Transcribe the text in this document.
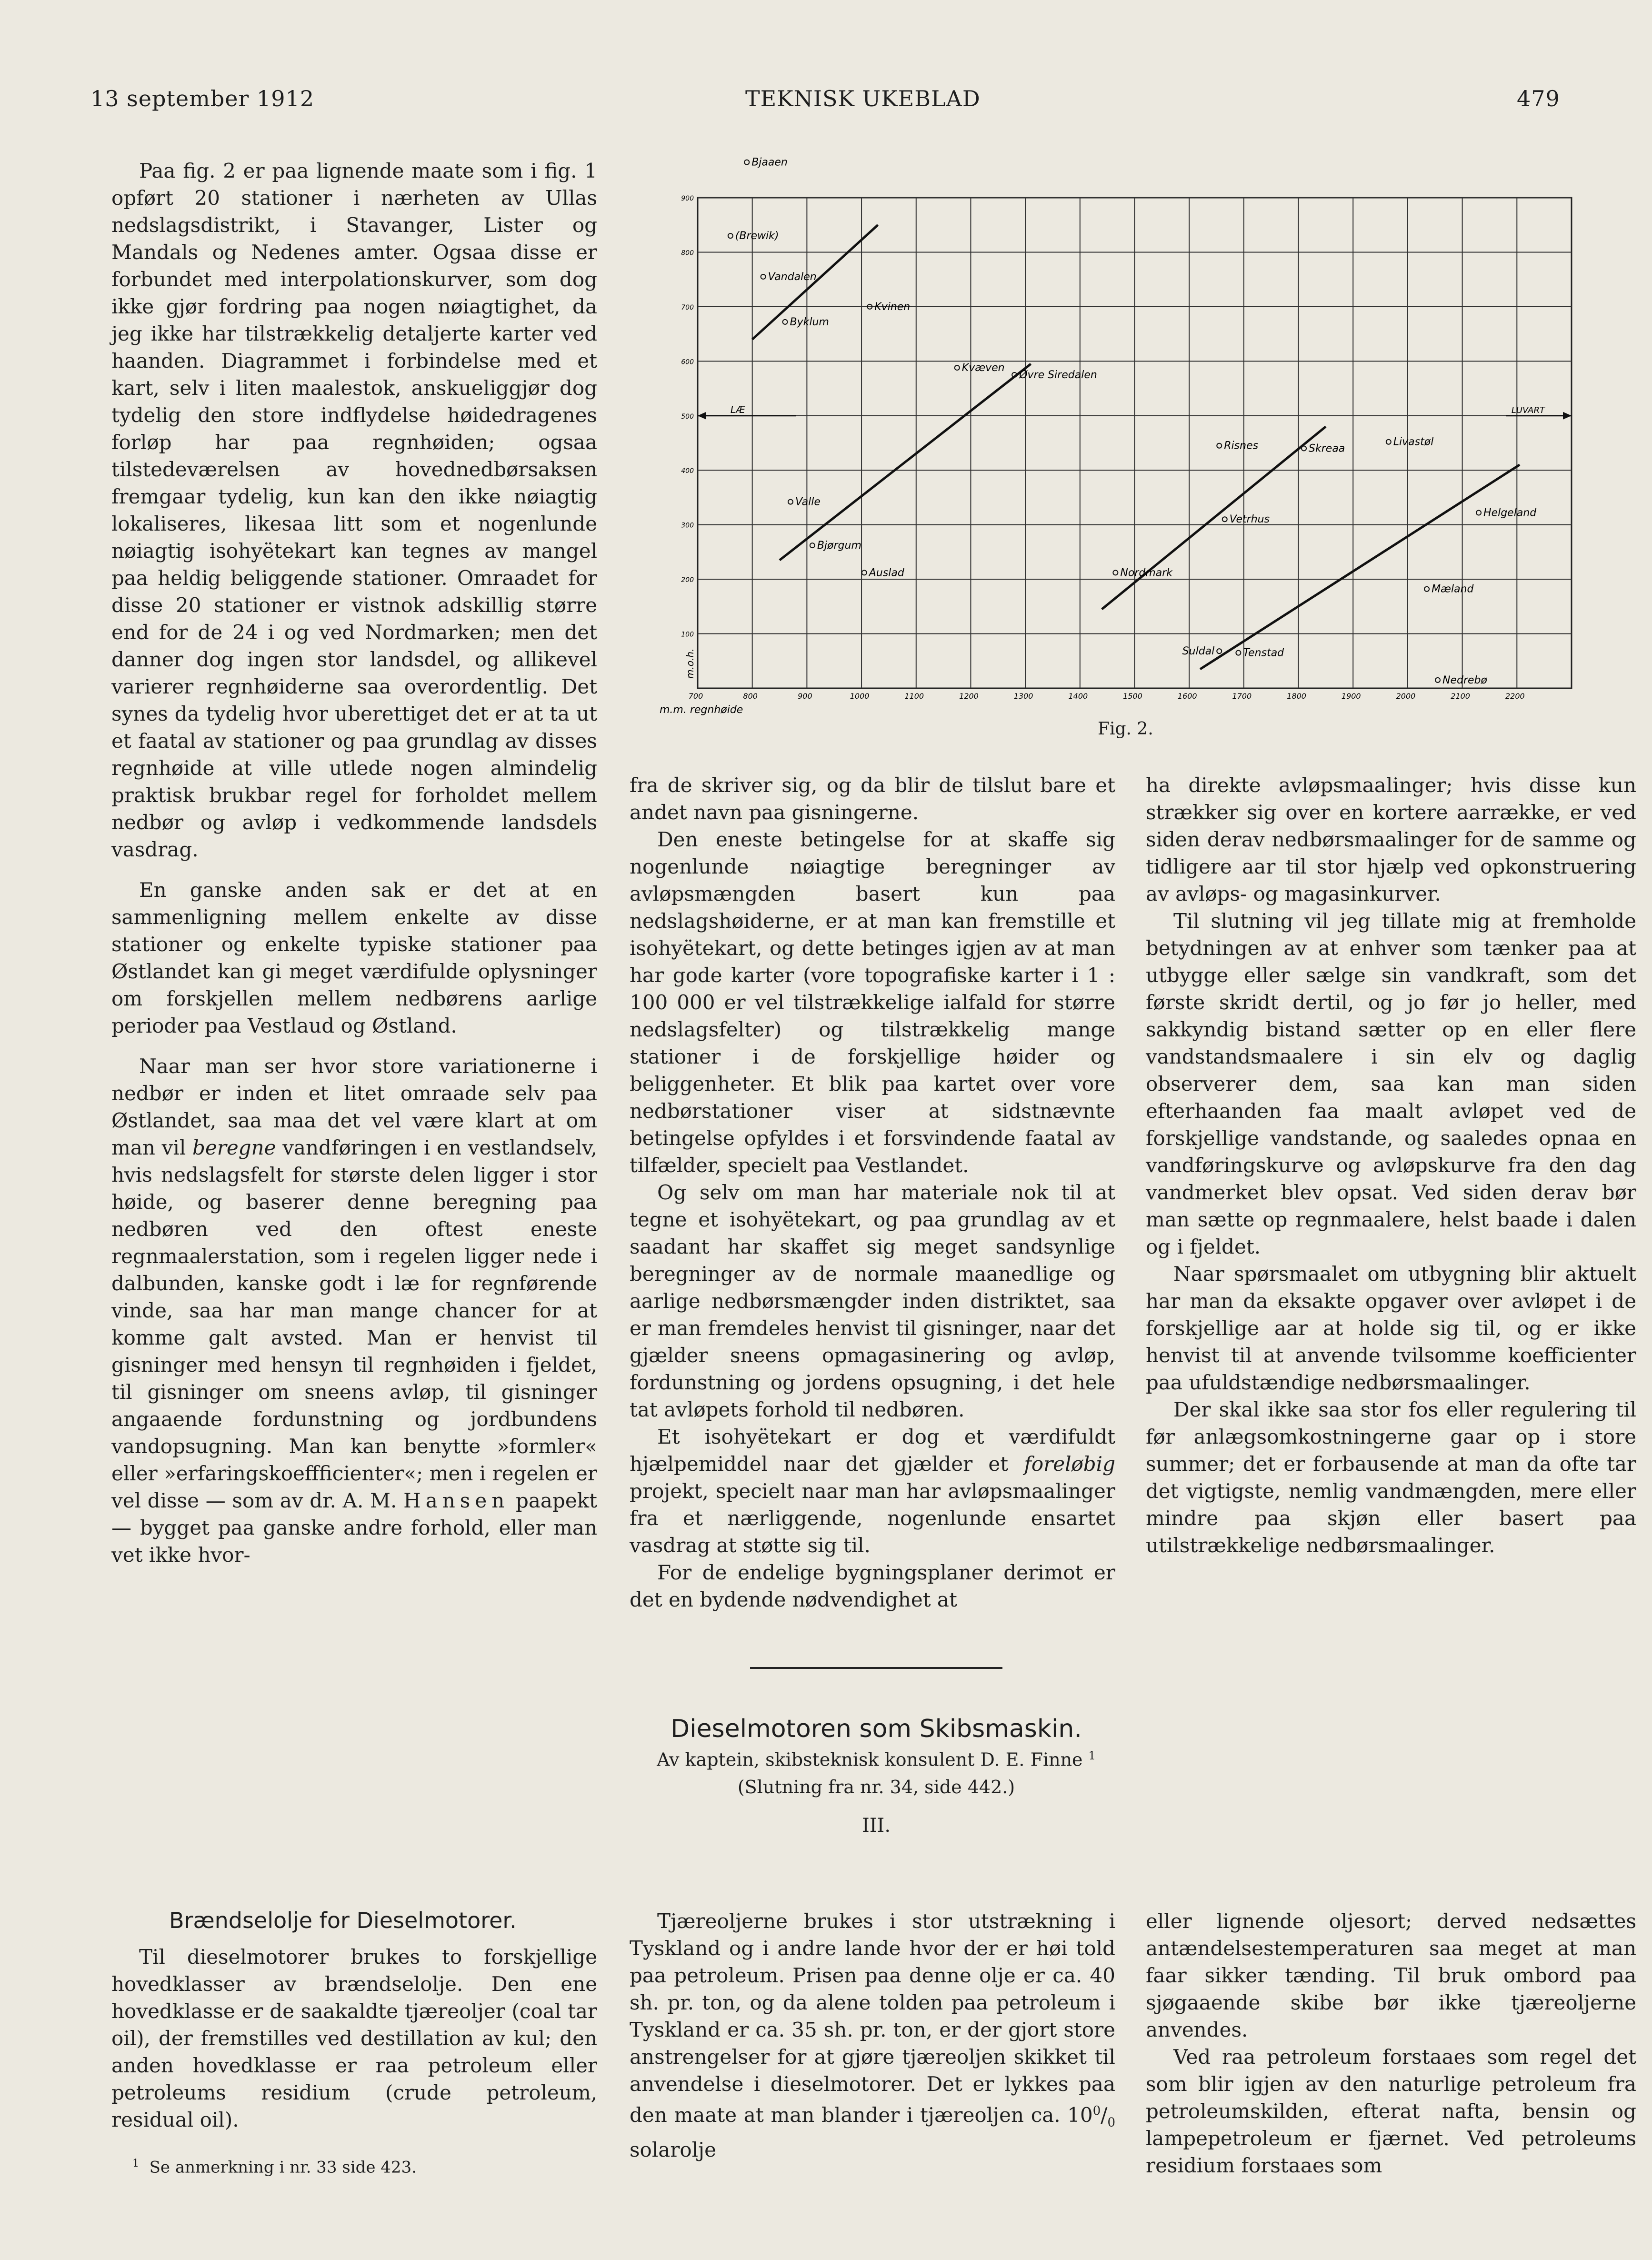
13 september 1912	TEKNISK UKEBLAD	479

Paa fig. 2 er paa lignende maate som i fig. 1 opført 20 stationer i nærheten av Ullas nedslagsdistrikt, i Stavanger, Lister og Mandals og Nedenes amter. Ogsaa disse er forbundet med interpolationskurver, som dog ikke gjør fordring paa nogen nøiagtighet, da jeg ikke har tilstrækkelig detaljerte karter ved haanden. Diagrammet i forbindelse med et kart, selv i liten maalestok, anskueliggjør dog tydelig den store indflydelse høidedragenes forløp har paa regnhøiden; ogsaa tilstedeværelsen av hovednedbørsaksen fremgaar tydelig, kun kan den ikke nøiagtig lokaliseres, likesaa litt som et nogenlunde nøiagtig isohyëtekart kan tegnes av mangel paa heldig beliggende stationer. Omraadet for disse 20 stationer er vistnok adskillig større end for de 24 i og ved Nordmarken; men det danner dog ingen stor landsdel, og allikevel varierer regnhøiderne saa overordentlig. Det synes da tydelig hvor uberettiget det er at ta ut et faatal av stationer og paa grundlag av disses regnhøide at ville utlede nogen almindelig praktisk brukbar regel for forholdet mellem nedbør og avløp i vedkommende landsdels vasdrag.

En ganske anden sak er det at en sammenligning mellem enkelte av disse stationer og enkelte typiske stationer paa Østlandet kan gi meget værdifulde oplysninger om forskjellen mellem nedbørens aarlige perioder paa Vestlaud og Østland.

Naar man ser hvor store variationerne i nedbør er inden et litet omraade selv paa Østlandet, saa maa det vel være klart at om man vil beregne vandføringen i en vestlandselv, hvis nedslagsfelt for største delen ligger i stor høide, og baserer denne beregning paa nedbøren ved den oftest eneste regnmaalerstation, som i regelen ligger nede i dalbunden, kanske godt i læ for regnførende vinde, saa har man mange chancer for at komme galt avsted. Man er henvist til gisninger med hensyn til regnhøiden i fjeldet, til gisninger om sneens avløp, til gisninger angaaende fordunstning og jordbundens vandopsugning. Man kan benytte »formler« eller »erfaringskoeffficienter«; men i regelen er vel disse — som av dr. A. M. Hansen paapekt — bygget paa ganske andre forhold, eller man vet ikke hvor-

LÆ	LUVART
Bjaaen
(Brewik)
Vandalen
Kvinen
Byklum
Kvæven
Øvre Siredalen
Risnes	Skreaa
Livastøl
Valle
Helgeland
Vetrhus
Bjørgum
Auslad	Nordmark
Mæland
Suldal	Tenstad
Nedrebø
100
200
300
400
500
600
700
800
900
700	800	900	1000	1100	1200	1300	1400	1500	1600	1700	1800	1900	2000	2100	2200
m.m. regnhøide
m.o.h.
Fig. 2.

fra de skriver sig, og da blir de tilslut bare et andet navn paa gisningerne.

Den eneste betingelse for at skaffe sig nogenlunde nøiagtige beregninger av avløpsmængden basert kun paa nedslagshøiderne, er at man kan fremstille et isohyëtekart, og dette betinges igjen av at man har gode karter (vore topografiske karter i 1 : 100 000 er vel tilstrækkelige ialfald for større nedslagsfelter) og tilstrækkelig mange stationer i de forskjellige høider og beliggenheter. Et blik paa kartet over vore nedbørstationer viser at sidstnævnte betingelse opfyldes i et forsvindende faatal av tilfælder, specielt paa Vestlandet.

Og selv om man har materiale nok til at tegne et isohyëtekart, og paa grundlag av et saadant har skaffet sig meget sandsynlige beregninger av de normale maanedlige og aarlige nedbørsmængder inden distriktet, saa er man fremdeles henvist til gisninger, naar det gjælder sneens opmagasinering og avløp, fordunstning og jordens opsugning, i det hele tat avløpets forhold til nedbøren.

Et isohyëtekart er dog et værdifuldt hjælpemiddel naar det gjælder et foreløbig projekt, specielt naar man har avløpsmaalinger fra et nærliggende, nogenlunde ensartet vasdrag at støtte sig til.

For de endelige bygningsplaner derimot er det en bydende nødvendighet at

ha direkte avløpsmaalinger; hvis disse kun strækker sig over en kortere aarrække, er ved siden derav nedbørsmaalinger for de samme og tidligere aar til stor hjælp ved opkonstruering av avløps- og magasinkurver.

Til slutning vil jeg tillate mig at fremholde betydningen av at enhver som tænker paa at utbygge eller sælge sin vandkraft, som det første skridt dertil, og jo før jo heller, med sakkyndig bistand sætter op en eller flere vandstandsmaalere i sin elv og daglig observerer dem, saa kan man siden efterhaanden faa maalt avløpet ved de forskjellige vandstande, og saaledes opnaa en vandføringskurve og avløpskurve fra den dag vandmerket blev opsat. Ved siden derav bør man sætte op regnmaalere, helst baade i dalen og i fjeldet.

Naar spørsmaalet om utbygning blir aktuelt har man da eksakte opgaver over avløpet i de forskjellige aar at holde sig til, og er ikke henvist til at anvende tvilsomme koefficienter paa ufuldstændige nedbørsmaalinger.

Der skal ikke saa stor fos eller regulering til før anlægsomkostningerne gaar op i store summer; det er forbausende at man da ofte tar det vigtigste, nemlig vandmængden, mere eller mindre paa skjøn eller basert paa utilstrækkelige nedbørsmaalinger.

Dieselmotoren som Skibsmaskin.
Av kaptein, skibsteknisk konsulent D. E. Finne $^1$
(Slutning fra nr. 34, side 442.)
III.
Brændselolje for Dieselmotorer.

Til dieselmotorer brukes to forskjellige hovedklasser av brændselolje. Den ene hovedklasse er de saakaldte tjæreoljer (coal tar oil), der fremstilles ved destillation av kul; den anden hovedklasse er raa petroleum eller petroleums residium (crude petroleum, residual oil).

$^1$ Se anmerkning i nr. 33 side 423.

Tjæreoljerne brukes i stor utstrækning i Tyskland og i andre lande hvor der er høi told paa petroleum. Prisen paa denne olje er ca. 40 sh. pr. ton, og da alene tolden paa petroleum i Tyskland er ca. 35 sh. pr. ton, er der gjort store anstrengelser for at gjøre tjæreoljen skikket til anvendelse i dieselmotorer. Det er lykkes paa den maate at man blander i tjæreoljen ca. $10^0/_0$ solarolje

eller lignende oljesort; derved nedsættes antændelsestemperaturen saa meget at man faar sikker tænding. Til bruk ombord paa sjøgaaende skibe bør ikke tjæreoljerne anvendes.

Ved raa petroleum forstaaes som regel det som blir igjen av den naturlige petroleum fra petroleumskilden, efterat nafta, bensin og lampepetroleum er fjærnet. Ved petroleums residium forstaaes som
